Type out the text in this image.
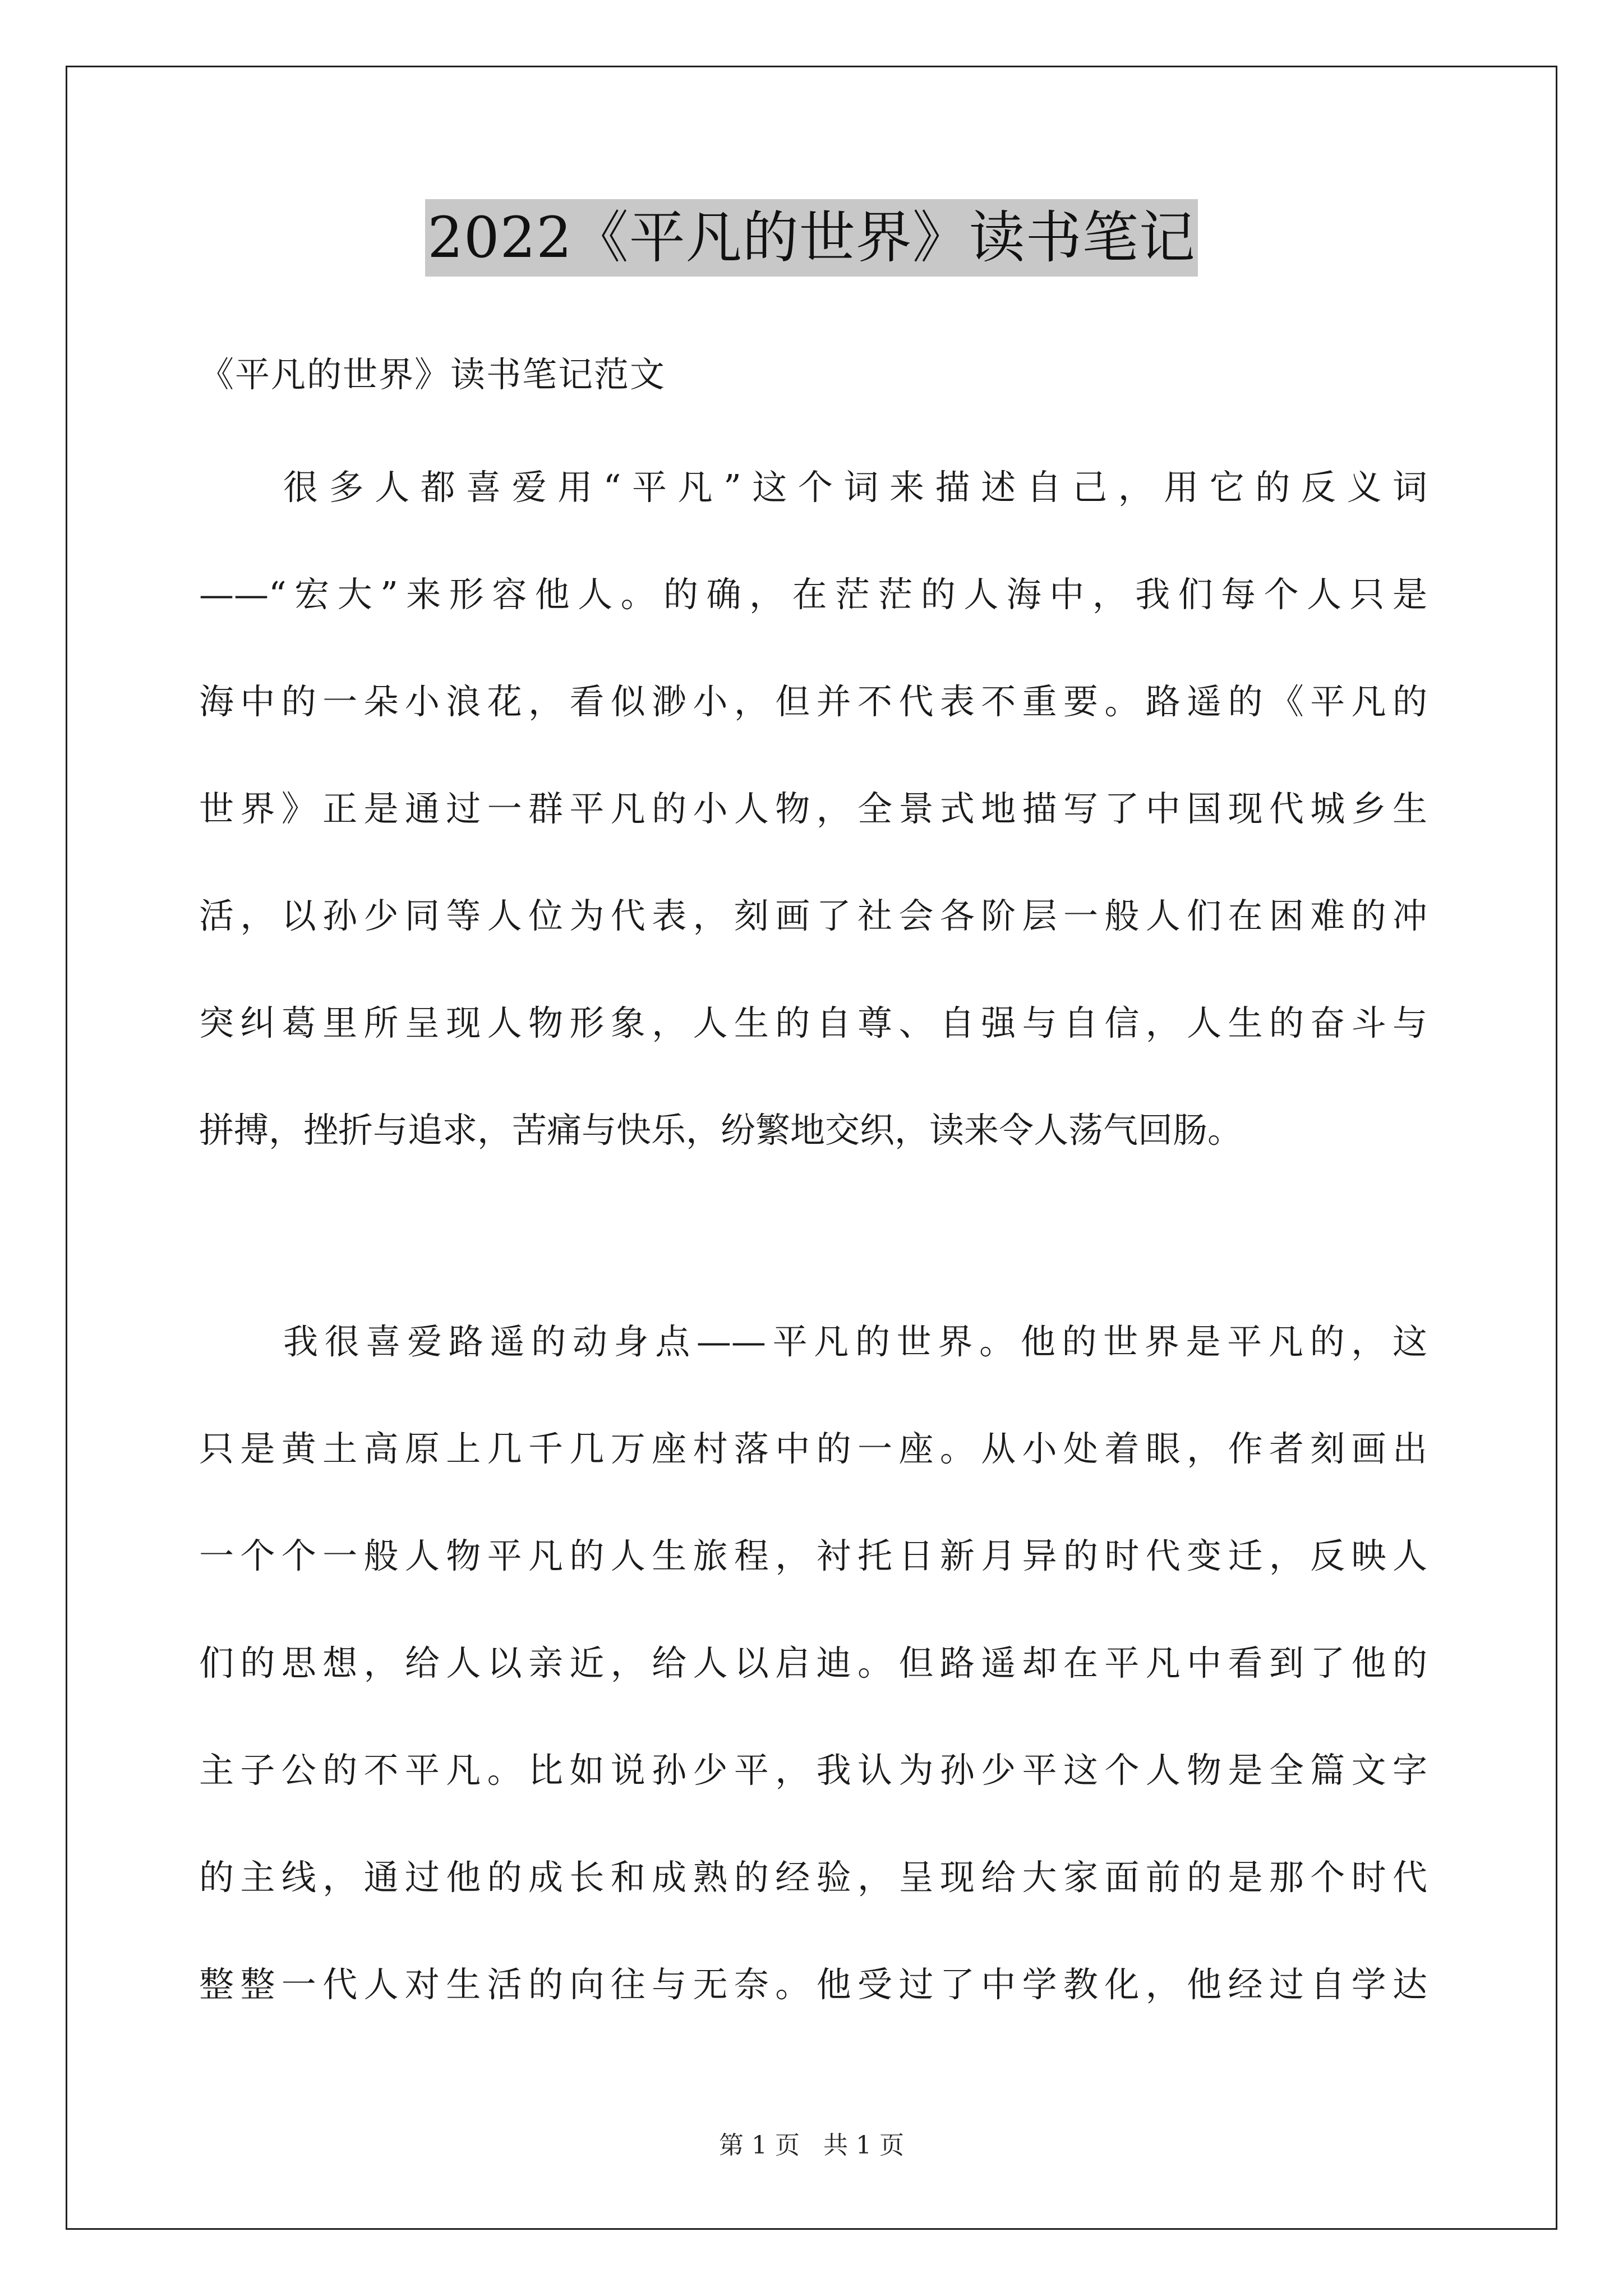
2022《平凡的世界》读书笔记
《平凡的世界》读书笔记范文
很多人都喜爱用“平凡”这个词来描述自己，用它的反义词
——“宏大”来形容他人。的确，在茫茫的人海中，我们每个人只是
海中的一朵小浪花，看似渺小，但并不代表不重要。路遥的《平凡的
世界》正是通过一群平凡的小人物，全景式地描写了中国现代城乡生
活，以孙少同等人位为代表，刻画了社会各阶层一般人们在困难的冲
突纠葛里所呈现人物形象，人生的自尊、自强与自信，人生的奋斗与
拼搏，挫折与追求，苦痛与快乐，纷繁地交织，读来令人荡气回肠。
我很喜爱路遥的动身点——平凡的世界。他的世界是平凡的，这
只是黄土高原上几千几万座村落中的一座。从小处着眼，作者刻画出
一个个一般人物平凡的人生旅程，衬托日新月异的时代变迁，反映人
们的思想，给人以亲近，给人以启迪。但路遥却在平凡中看到了他的
主子公的不平凡。比如说孙少平，我认为孙少平这个人物是全篇文字
的主线，通过他的成长和成熟的经验，呈现给大家面前的是那个时代
整整一代人对生活的向往与无奈。他受过了中学教化，他经过自学达
第 1 页   共 1 页
